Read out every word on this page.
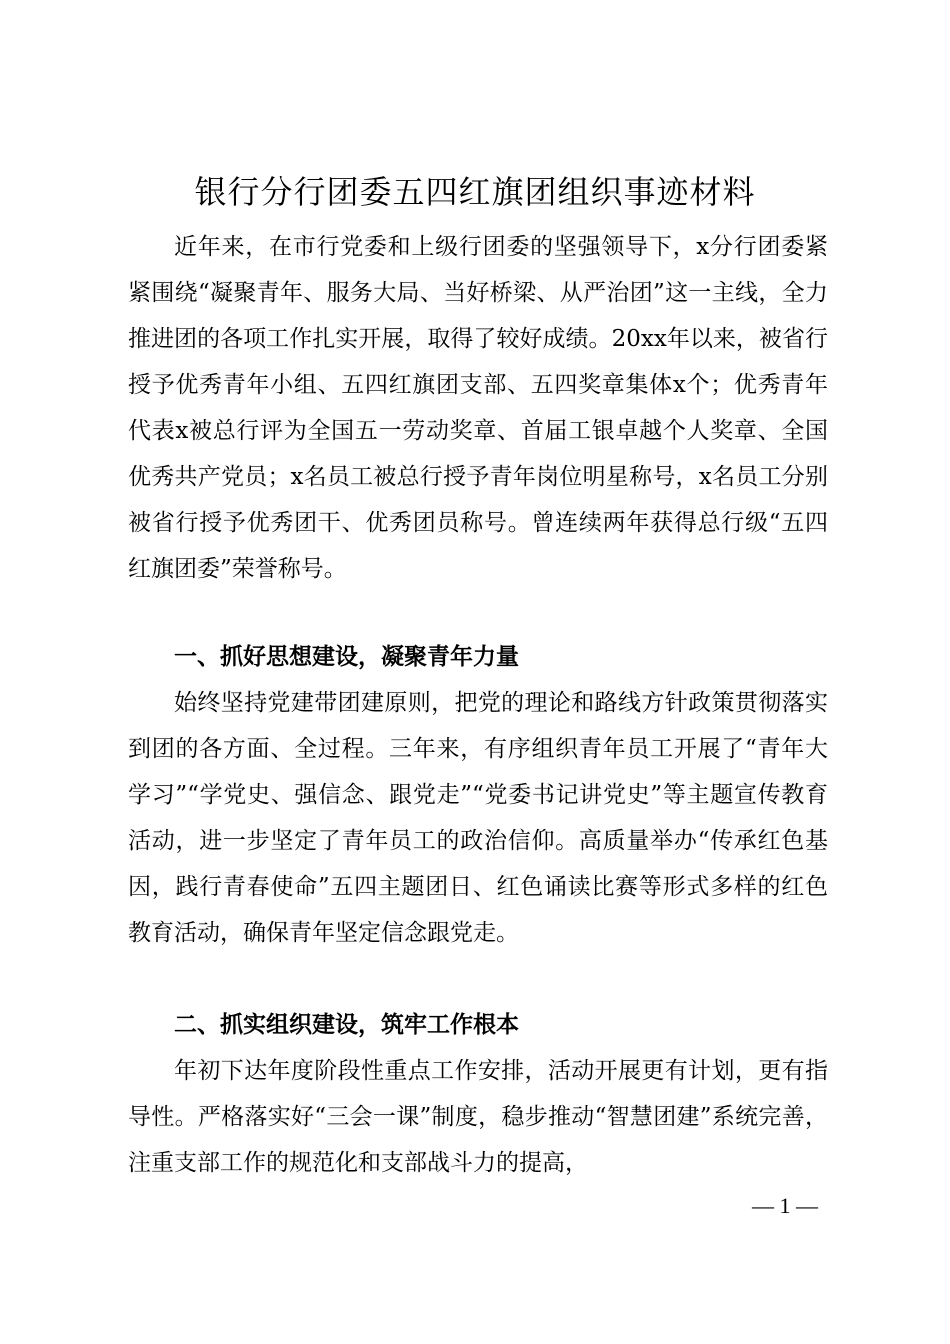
银行分行团委五四红旗团组织事迹材料

近年来，在市行党委和上级行团委的坚强领导下，x分行团委紧紧围绕“凝聚青年、服务大局、当好桥梁、从严治团”这一主线，全力推进团的各项工作扎实开展，取得了较好成绩。20xx年以来，被省行授予优秀青年小组、五四红旗团支部、五四奖章集体x个；优秀青年代表x被总行评为全国五一劳动奖章、首届工银卓越个人奖章、全国优秀共产党员；x名员工被总行授予青年岗位明星称号，x名员工分别被省行授予优秀团干、优秀团员称号。曾连续两年获得总行级“五四红旗团委”荣誉称号。

一、抓好思想建设，凝聚青年力量

始终坚持党建带团建原则，把党的理论和路线方针政策贯彻落实到团的各方面、全过程。三年来，有序组织青年员工开展了“青年大学习”“学党史、强信念、跟党走”“党委书记讲党史”等主题宣传教育活动，进一步坚定了青年员工的政治信仰。高质量举办“传承红色基因，践行青春使命”五四主题团日、红色诵读比赛等形式多样的红色教育活动，确保青年坚定信念跟党走。

二、抓实组织建设，筑牢工作根本

年初下达年度阶段性重点工作安排，活动开展更有计划，更有指导性。严格落实好“三会一课”制度，稳步推动“智慧团建”系统完善，注重支部工作的规范化和支部战斗力的提高，

— 1 —
